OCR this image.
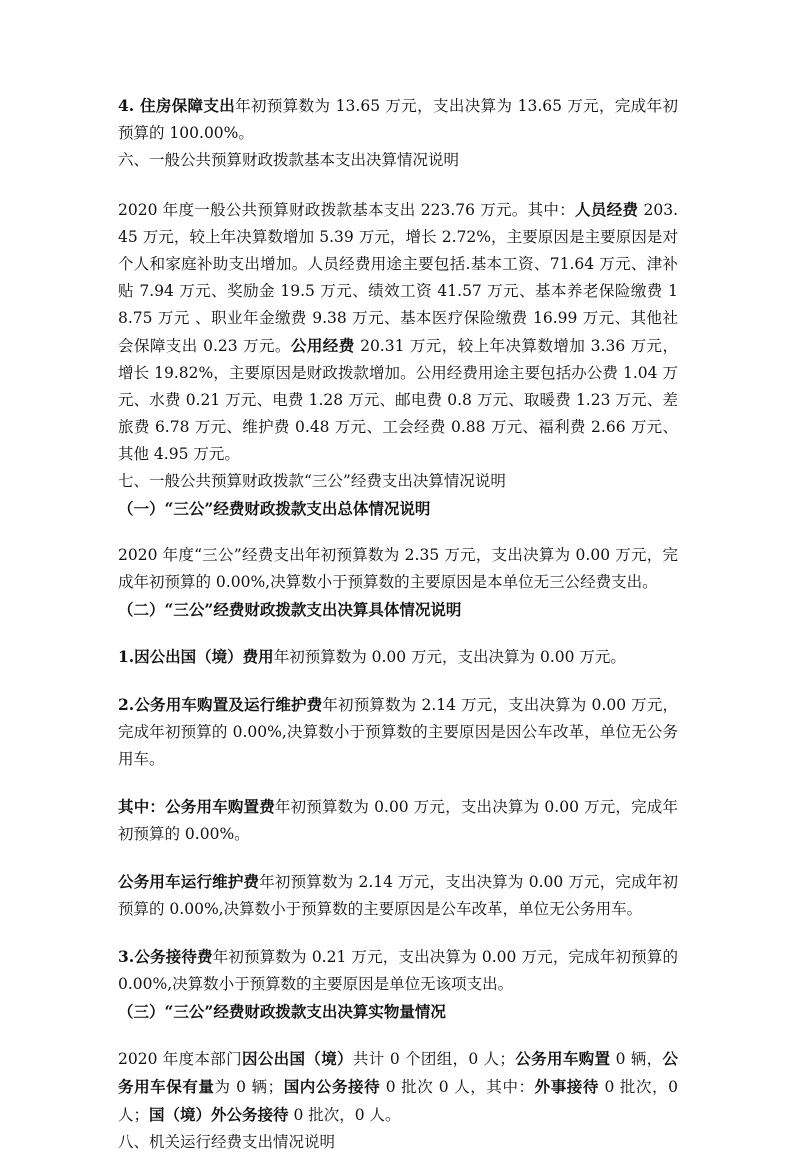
4. 住房保障支出年初预算数为 13.65 万元，支出决算为 13.65 万元，完成年初预算的 100.00%。

六、一般公共预算财政拨款基本支出决算情况说明

2020 年度一般公共预算财政拨款基本支出 223.76 万元。其中：人员经费 203.45 万元，较上年决算数增加 5.39 万元，增长 2.72%，主要原因是主要原因是对个人和家庭补助支出增加。人员经费用途主要包括.基本工资、71.64 万元、津补贴 7.94 万元、奖励金 19.5 万元、绩效工资 41.57 万元、基本养老保险缴费 18.75 万元 、职业年金缴费 9.38 万元、基本医疗保险缴费 16.99 万元、其他社会保障支出 0.23 万元。公用经费 20.31 万元，较上年决算数增加 3.36 万元，增长 19.82%，主要原因是财政拨款增加。公用经费用途主要包括办公费 1.04 万元、水费 0.21 万元、电费 1.28 万元、邮电费 0.8 万元、取暖费 1.23 万元、差旅费 6.78 万元、维护费 0.48 万元、工会经费 0.88 万元、福利费 2.66 万元、其他 4.95 万元。

七、一般公共预算财政拨款“三公”经费支出决算情况说明

（一）“三公”经费财政拨款支出总体情况说明

2020 年度“三公”经费支出年初预算数为 2.35 万元，支出决算为 0.00 万元，完成年初预算的 0.00%,决算数小于预算数的主要原因是本单位无三公经费支出。

（二）“三公”经费财政拨款支出决算具体情况说明

1.因公出国（境）费用年初预算数为 0.00 万元，支出决算为 0.00 万元。

2.公务用车购置及运行维护费年初预算数为 2.14 万元，支出决算为 0.00 万元，完成年初预算的 0.00%,决算数小于预算数的主要原因是因公车改革，单位无公务用车。

其中：公务用车购置费年初预算数为 0.00 万元，支出决算为 0.00 万元，完成年初预算的 0.00%。

公务用车运行维护费年初预算数为 2.14 万元，支出决算为 0.00 万元，完成年初预算的 0.00%,决算数小于预算数的主要原因是公车改革，单位无公务用车。

3.公务接待费年初预算数为 0.21 万元，支出决算为 0.00 万元，完成年初预算的 0.00%,决算数小于预算数的主要原因是单位无该项支出。

（三）“三公”经费财政拨款支出决算实物量情况

2020 年度本部门因公出国（境）共计 0 个团组，0 人；公务用车购置 0 辆，公务用车保有量为 0 辆；国内公务接待 0 批次 0 人，其中：外事接待 0 批次，0 人；国（境）外公务接待 0 批次，0 人。

八、机关运行经费支出情况说明
